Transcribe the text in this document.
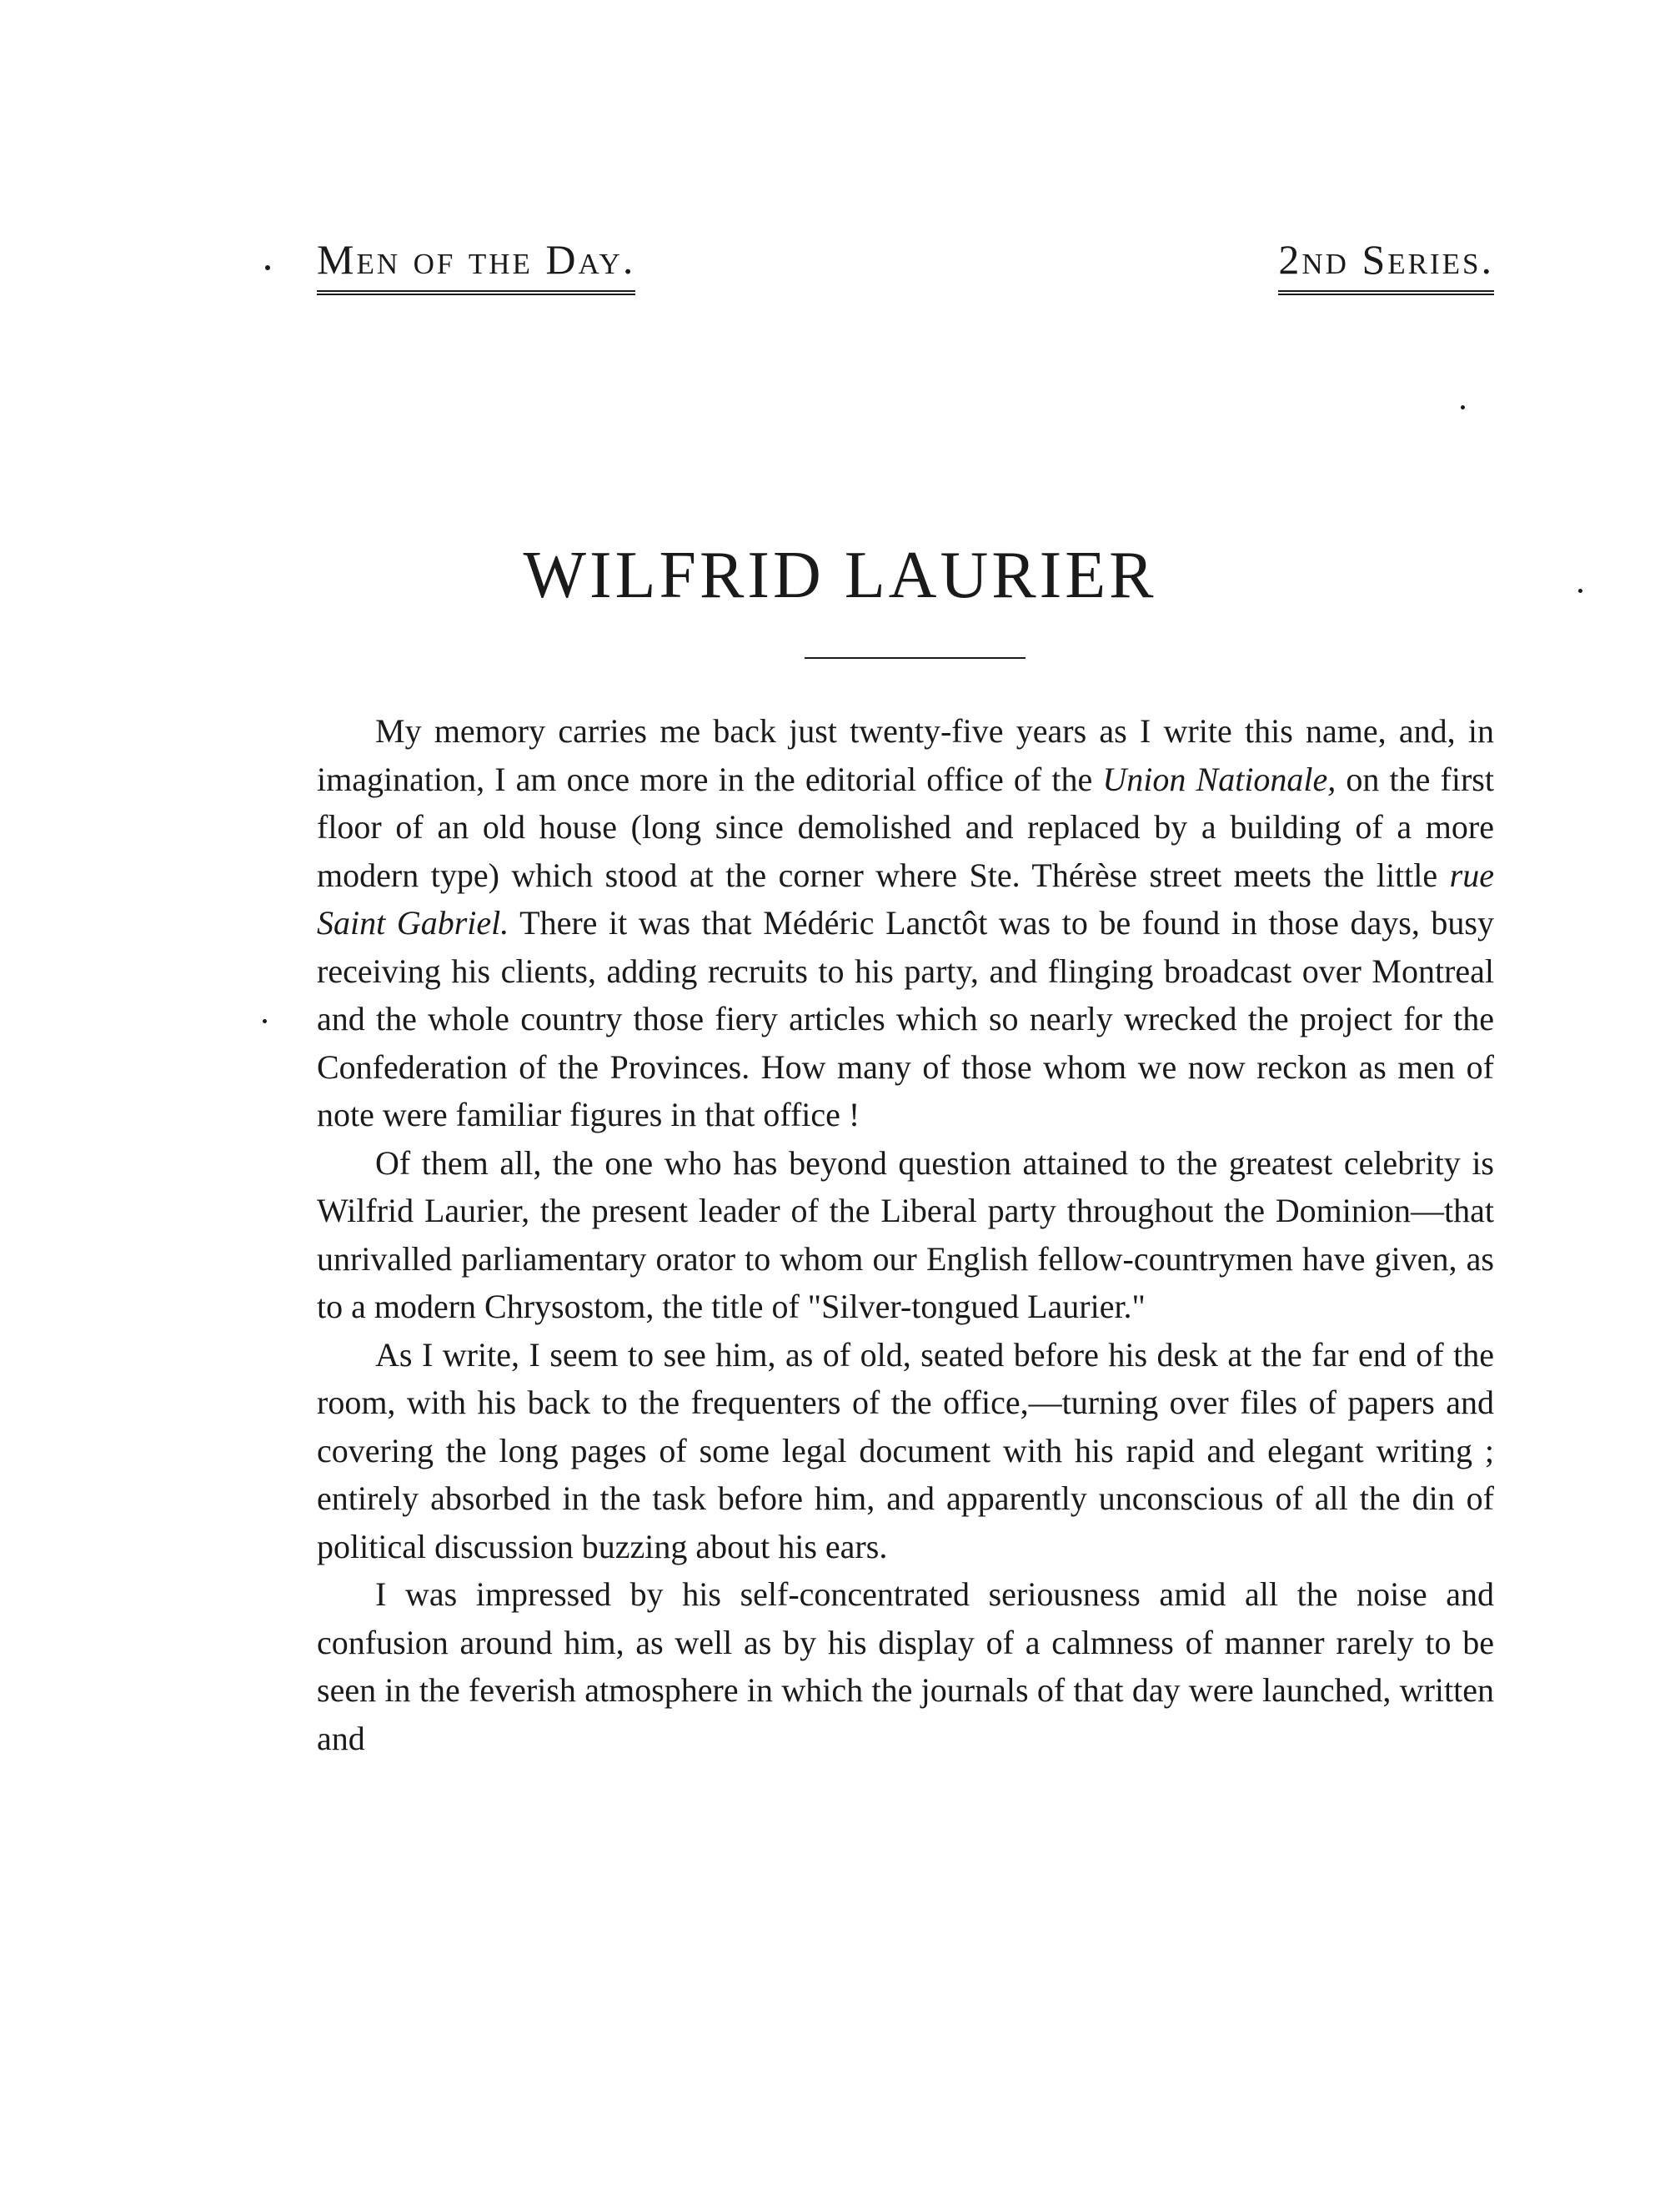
Men of the Day.	2nd Series.
WILFRID LAURIER

My memory carries me back just twenty-five years as I write this name, and, in imagination, I am once more in the editorial office of the Union Nationale, on the first floor of an old house (long since demolished and replaced by a building of a more modern type) which stood at the corner where Ste. Thérèse street meets the little rue Saint Gabriel. There it was that Médéric Lanctôt was to be found in those days, busy receiving his clients, adding recruits to his party, and flinging broadcast over Montreal and the whole country those fiery articles which so nearly wrecked the project for the Confederation of the Provinces. How many of those whom we now reckon as men of note were familiar figures in that office !

Of them all, the one who has beyond question attained to the greatest celebrity is Wilfrid Laurier, the present leader of the Liberal party throughout the Dominion—that unrivalled parliamentary orator to whom our English fellow-countrymen have given, as to a modern Chrysostom, the title of "Silver-tongued Laurier."

As I write, I seem to see him, as of old, seated before his desk at the far end of the room, with his back to the frequenters of the office,—turning over files of papers and covering the long pages of some legal document with his rapid and elegant writing ; entirely absorbed in the task before him, and apparently unconscious of all the din of political discussion buzzing about his ears.

I was impressed by his self-concentrated seriousness amid all the noise and confusion around him, as well as by his display of a calmness of manner rarely to be seen in the feverish atmosphere in which the journals of that day were launched, written and
